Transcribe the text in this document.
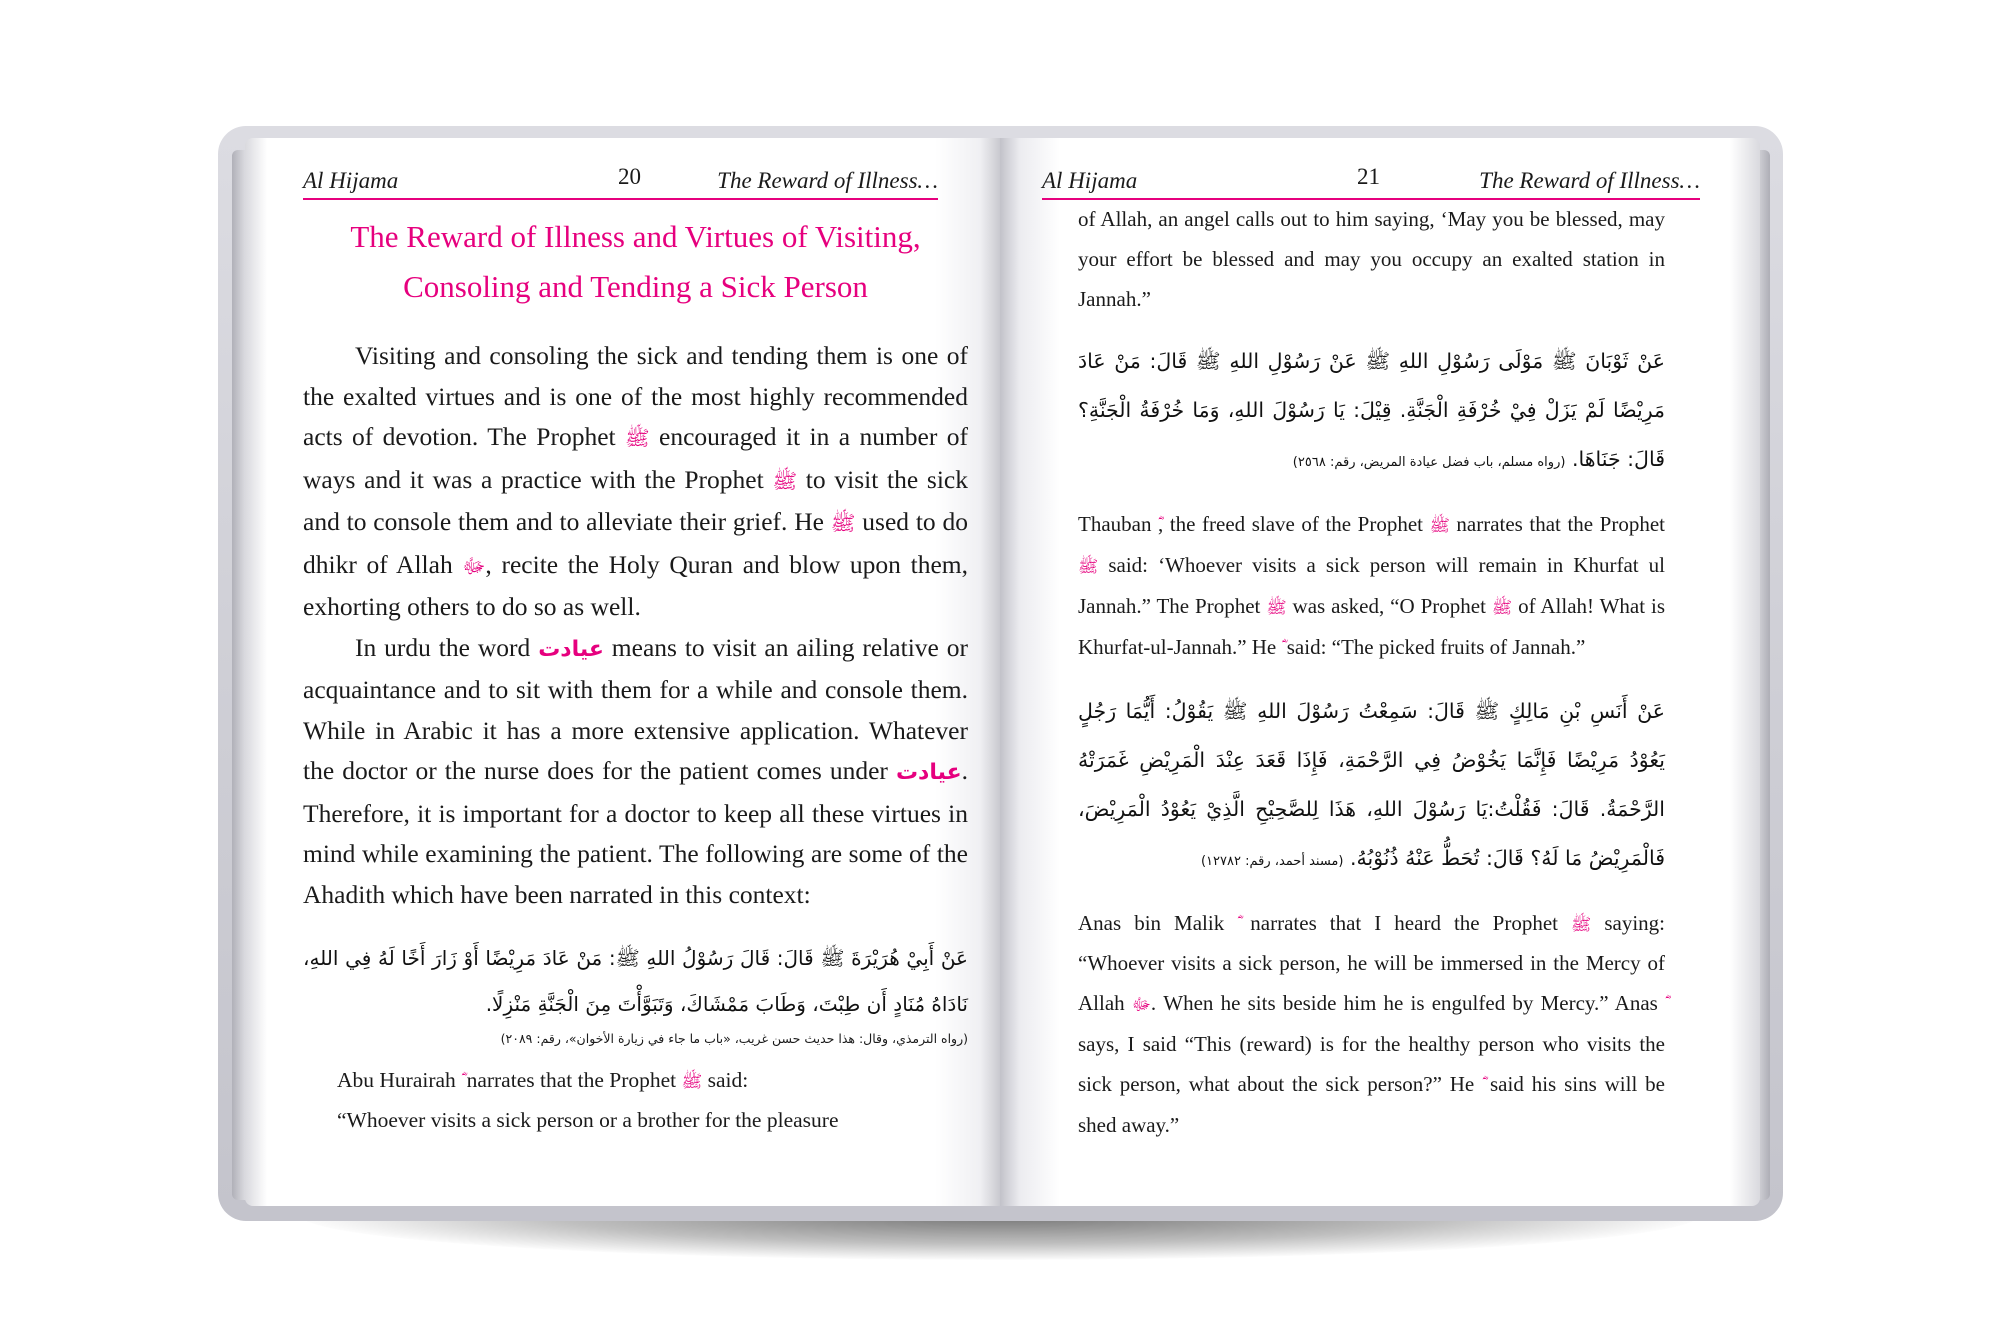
Al Hijama	20	The Reward of Illness…
The Reward of Illness and Virtues of Visiting,
Consoling and Tending a Sick Person

Visiting and consoling the sick and tending them is one of the exalted virtues and is one of the most highly recommended acts of devotion. The Prophet ﷺ encouraged it in a number of ways and it was a practice with the Prophet ﷺ to visit the sick and to console them and to alleviate their grief. He ﷺ used to do dhikr of Allah ﷻ, recite the Holy Quran and blow upon them, exhorting others to do so as well.

In urdu the word عیادت means to visit an ailing relative or acquaintance and to sit with them for a while and console them. While in Arabic it has a more extensive application. Whatever the doctor or the nurse does for the patient comes under عیادت. Therefore, it is important for a doctor to keep all these virtues in mind while examining the patient. The following are some of the Ahadith which have been narrated in this context:

عَنْ أَبِيْ هُرَيْرَةَ ﷺ قَالَ: قَالَ رَسُوْلُ اللهِ ﷺ: مَنْ عَادَ مَرِيْضًا أَوْ زَارَ أَخًا لَهُ فِي اللهِ، نَادَاهُ مُنَادٍ أَن طِبْتَ، وَطَابَ مَمْشَاكَ، وَتَبَوَّأْتَ مِنَ الْجَنَّةِ مَنْزِلًا.
(رواه الترمذي، وقال: هذا حديث حسن غريب، «باب ما جاء في زيارة الأخوان»، رقم: ٢٠٨٩)

Abu Hurairah narrates that the Prophet ﷺ said:

“Whoever visits a sick person or a brother for the pleasure

Al Hijama	21	The Reward of Illness…

of Allah, an angel calls out to him saying, ‘May you be blessed, may your effort be blessed and may you occupy an exalted station in Jannah.”

عَنْ ثَوْبَانَ ﷺ مَوْلَى رَسُوْلِ اللهِ ﷺ عَنْ رَسُوْلِ اللهِ ﷺ قَالَ: مَنْ عَادَ مَرِيْضًا لَمْ يَزَلْ فِيْ خُرْفَةِ الْجَنَّةِ. قِيْلَ: يَا رَسُوْلَ اللهِ، وَمَا خُرْفَةُ الْجَنَّةِ؟ قَالَ: جَنَاهَا. (رواه مسلم، باب فضل عيادة المريض، رقم: ٢٥٦٨)

Thauban , the freed slave of the Prophet ﷺ narrates that the Prophet ﷺ said: ‘Whoever visits a sick person will remain in Khurfat ul Jannah.” The Prophet ﷺ was asked, “O Prophet ﷺ of Allah! What is Khurfat-ul-Jannah.” He said: “The picked fruits of Jannah.”

عَنْ أَنَسِ بْنِ مَالِكٍ ﷺ قَالَ: سَمِعْتُ رَسُوْلَ اللهِ ﷺ يَقُوْلُ: أَيُّمَا رَجُلٍ يَعُوْدُ مَرِيْضًا فَإِنَّمَا يَخُوْضُ فِي الرَّحْمَةِ، فَإِذَا قَعَدَ عِنْدَ الْمَرِيْضِ غَمَرَتْهُ الرَّحْمَةُ. قَالَ: فَقُلْتُ:يَا رَسُوْلَ اللهِ، هَذَا لِلصَّحِيْحِ الَّذِيْ يَعُوْدُ الْمَرِيْضَ، فَالْمَرِيْضُ مَا لَهُ؟ قَالَ: تُحَطُّ عَنْهُ ذُنُوْبُهُ. (مسند أحمد، رقم: ١٢٧٨٢)

Anas bin Malik narrates that I heard the Prophet ﷺ saying: “Whoever visits a sick person, he will be immersed in the Mercy of Allah ﷻ. When he sits beside him he is engulfed by Mercy.” Anas says, I said “This (reward) is for the healthy person who visits the sick person, what about the sick person?” He said his sins will be shed away.”
